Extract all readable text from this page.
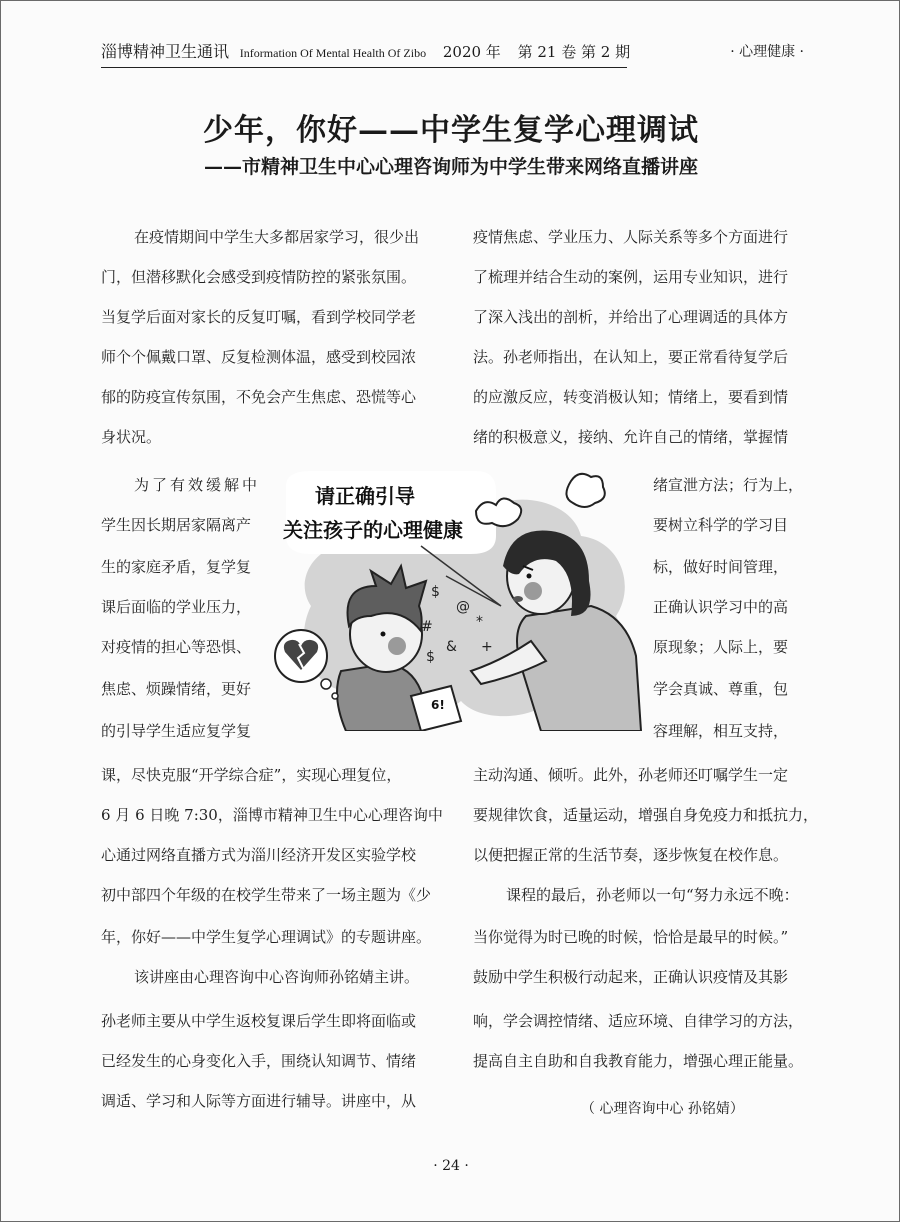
淄博精神卫生通讯 Information Of Mental Health Of Zibo 2020 年 第 21 卷 第 2 期	· 心理健康 ·
少年，你好——中学生复学心理调试
——市精神卫生中心心理咨询师为中学生带来网络直播讲座
在疫情期间中学生大多都居家学习，很少出
门，但潜移默化会感受到疫情防控的紧张氛围。
当复学后面对家长的反复叮嘱，看到学校同学老
师个个佩戴口罩、反复检测体温，感受到校园浓
郁的防疫宣传氛围，不免会产生焦虑、恐慌等心
身状况。
为了有效缓解中
学生因长期居家隔离产
生的家庭矛盾，复学复
课后面临的学业压力，
对疫情的担心等恐惧、
焦虑、烦躁情绪，更好
的引导学生适应复学复
课，尽快克服“开学综合症”，实现心理复位，
6 月 6 日晚 7:30，淄博市精神卫生中心心理咨询中
心通过网络直播方式为淄川经济开发区实验学校
初中部四个年级的在校学生带来了一场主题为《少
年，你好——中学生复学心理调试》的专题讲座。
该讲座由心理咨询中心咨询师孙铭婧主讲。
孙老师主要从中学生返校复课后学生即将面临或
已经发生的心身变化入手，围绕认知调节、情绪
调适、学习和人际等方面进行辅导。讲座中，从
疫情焦虑、学业压力、人际关系等多个方面进行
了梳理并结合生动的案例，运用专业知识，进行
了深入浅出的剖析，并给出了心理调适的具体方
法。孙老师指出，在认知上，要正常看待复学后
的应激反应，转变消极认知；情绪上，要看到情
绪的积极意义，接纳、允许自己的情绪，掌握情
绪宣泄方法；行为上，
要树立科学的学习目
标，做好时间管理，
正确认识学习中的高
原现象；人际上，要
学会真诚、尊重，包
容理解，相互支持，
主动沟通、倾听。此外，孙老师还叮嘱学生一定
要规律饮食，适量运动，增强自身免疫力和抵抗力，
以便把握正常的生活节奏，逐步恢复在校作息。
课程的最后，孙老师以一句“努力永远不晚：
当你觉得为时已晚的时候，恰恰是最早的时候。”
鼓励中学生积极行动起来，正确认识疫情及其影
响，学会调控情绪、适应环境、自律学习的方法，
提高自主自助和自我教育能力，增强心理正能量。
（ 心理咨询中心 孙铭婧）
$
@
#	*
&
$
+
请正确引导
关注孩子的心理健康
6!
· 24 ·
